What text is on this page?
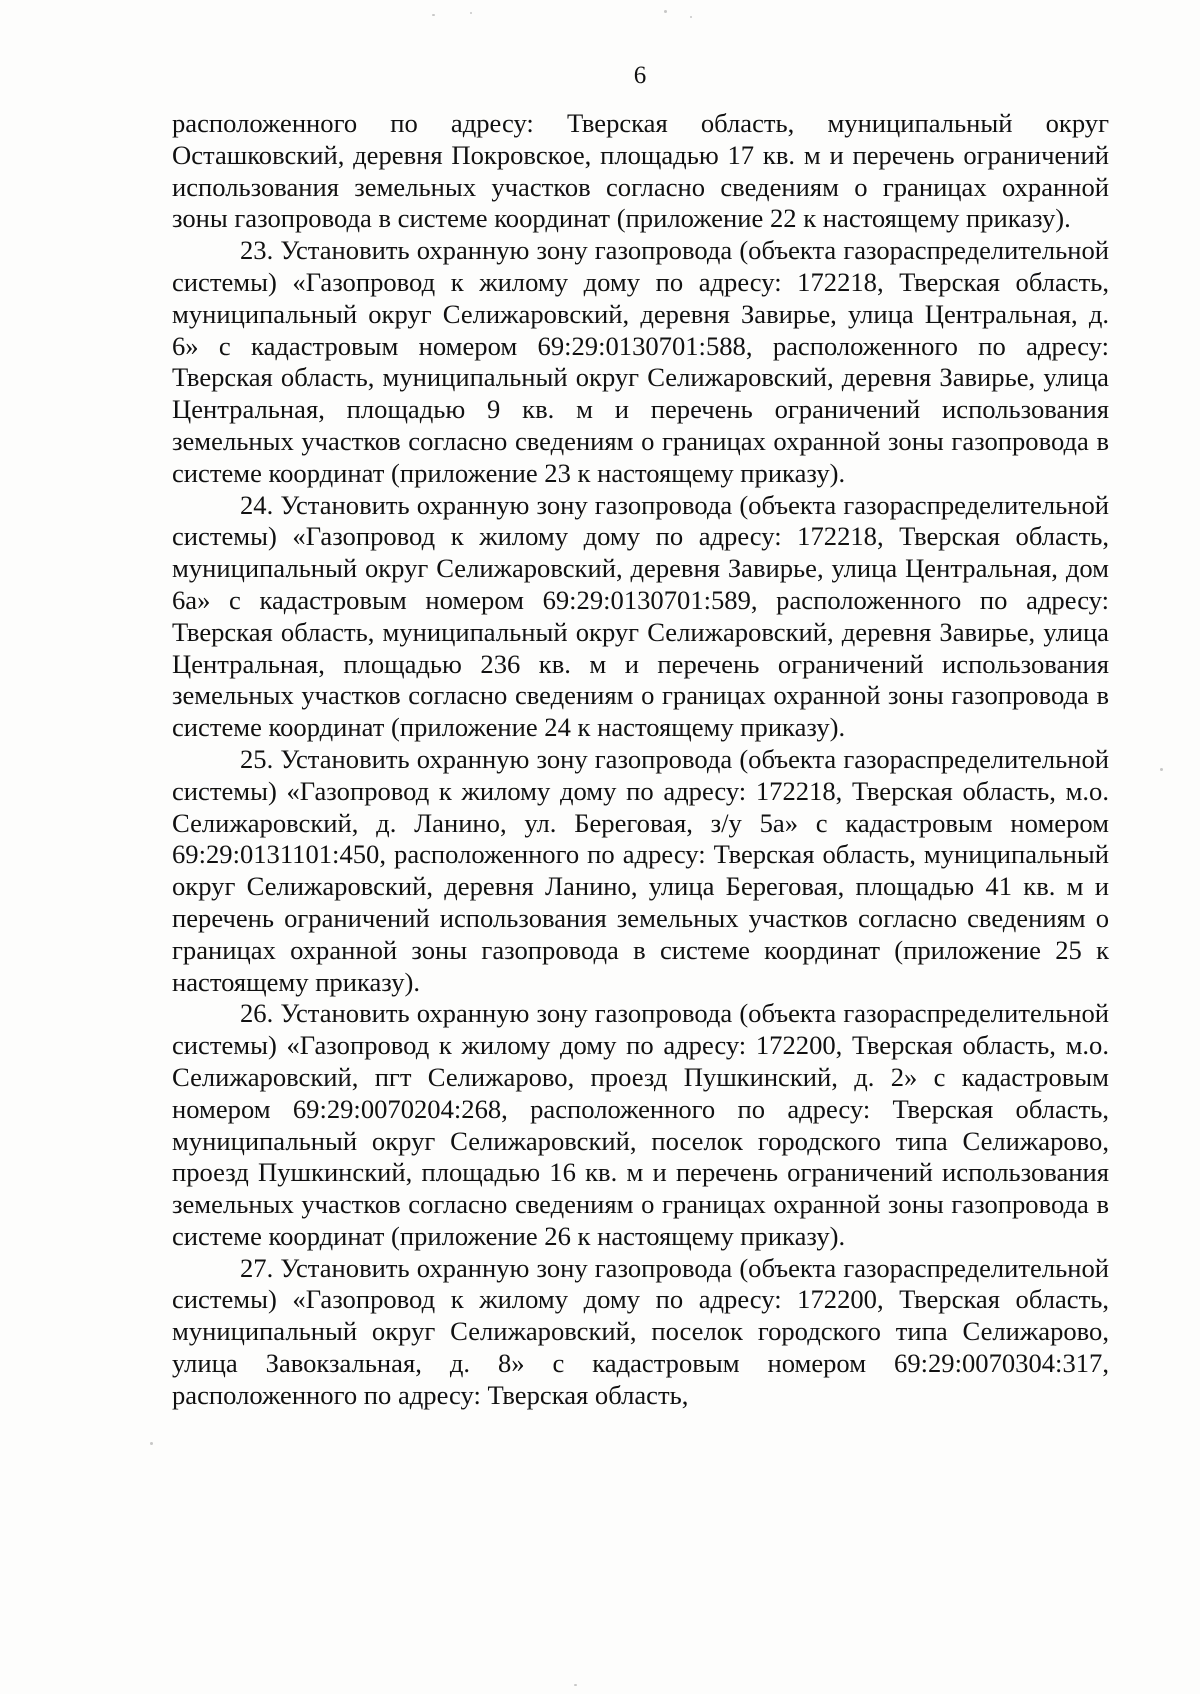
6

расположенного по адресу: Тверская область, муниципальный округ Осташковский, деревня Покровское, площадью 17 кв. м и перечень ограничений использования земельных участков согласно сведениям о границах охранной зоны газопровода в системе координат (приложение 22 к настоящему приказу).

23. Установить охранную зону газопровода (объекта газораспределительной системы) «Газопровод к жилому дому по адресу: 172218, Тверская область, муниципальный округ Селижаровский, деревня Завирье, улица Центральная, д. 6» с кадастровым номером 69:29:0130701:588, расположенного по адресу: Тверская область, муниципальный округ Селижаровский, деревня Завирье, улица Центральная, площадью 9 кв. м и перечень ограничений использования земельных участков согласно сведениям о границах охранной зоны газопровода в системе координат (приложение 23 к настоящему приказу).

24. Установить охранную зону газопровода (объекта газораспределительной системы) «Газопровод к жилому дому по адресу: 172218, Тверская область, муниципальный округ Селижаровский, деревня Завирье, улица Центральная, дом 6а» с кадастровым номером 69:29:0130701:589, расположенного по адресу: Тверская область, муниципальный округ Селижаровский, деревня Завирье, улица Центральная, площадью 236 кв. м и перечень ограничений использования земельных участков согласно сведениям о границах охранной зоны газопровода в системе координат (приложение 24 к настоящему приказу).

25. Установить охранную зону газопровода (объекта газораспределительной системы) «Газопровод к жилому дому по адресу: 172218, Тверская область, м.о. Селижаровский, д. Ланино, ул. Береговая, з/у 5а» с кадастровым номером 69:29:0131101:450, расположенного по адресу: Тверская область, муниципальный округ Селижаровский, деревня Ланино, улица Береговая, площадью 41 кв. м и перечень ограничений использования земельных участков согласно сведениям о границах охранной зоны газопровода в системе координат (приложение 25 к настоящему приказу).

26. Установить охранную зону газопровода (объекта газораспределительной системы) «Газопровод к жилому дому по адресу: 172200, Тверская область, м.о. Селижаровский, пгт Селижарово, проезд Пушкинский, д. 2» с кадастровым номером 69:29:0070204:268, расположенного по адресу: Тверская область, муниципальный округ Селижаровский, поселок городского типа Селижарово, проезд Пушкинский, площадью 16 кв. м и перечень ограничений использования земельных участков согласно сведениям о границах охранной зоны газопровода в системе координат (приложение 26 к настоящему приказу).

27. Установить охранную зону газопровода (объекта газораспределительной системы) «Газопровод к жилому дому по адресу: 172200, Тверская область, муниципальный округ Селижаровский, поселок городского типа Селижарово, улица Завокзальная, д. 8» с кадастровым номером 69:29:0070304:317, расположенного по адресу: Тверская область,
